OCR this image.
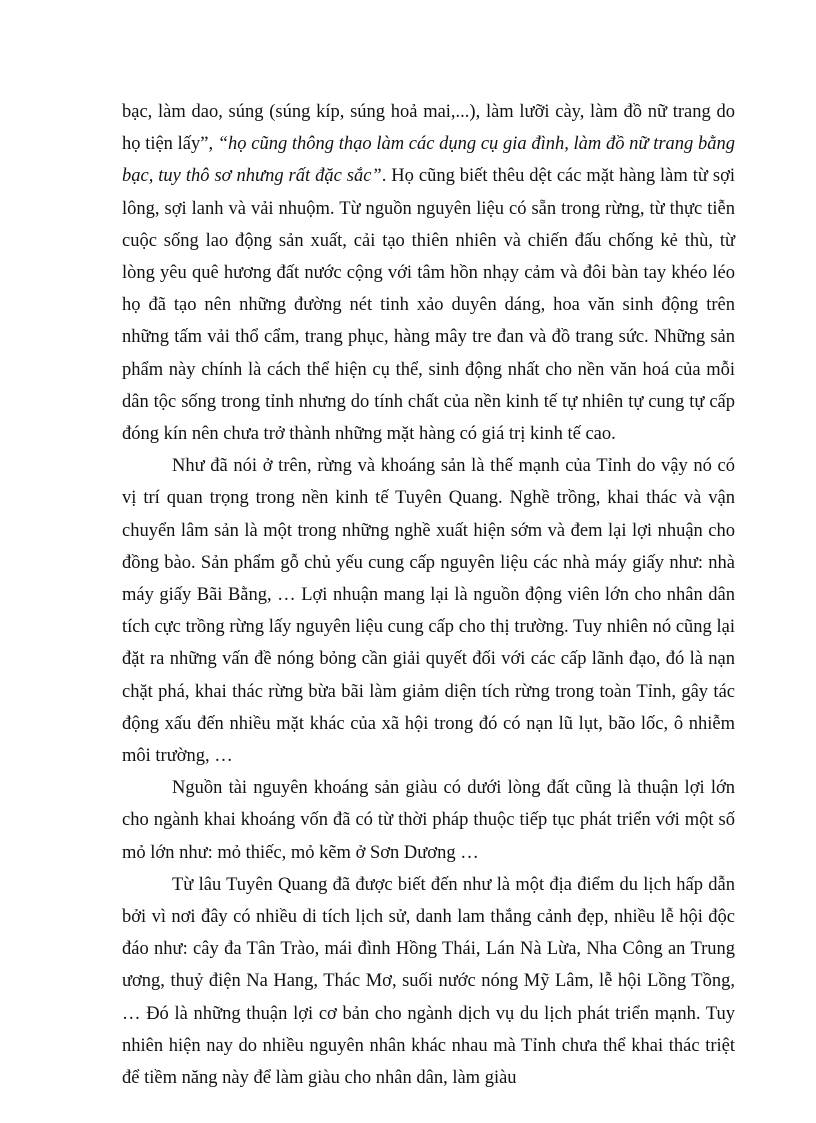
bạc, làm dao, súng (súng kíp, súng hoả mai,...), làm lưỡi cày, làm đồ nữ trang do họ tiện lấy”, “họ cũng thông thạo làm các dụng cụ gia đình, làm đồ nữ trang bằng bạc, tuy thô sơ nhưng rất đặc sắc”. Họ cũng biết thêu dệt các mặt hàng làm từ sợi lông, sợi lanh và vải nhuộm. Từ nguồn nguyên liệu có sẵn trong rừng, từ thực tiễn cuộc sống lao động sản xuất, cải tạo thiên nhiên và chiến đấu chống kẻ thù, từ lòng yêu quê hương đất nước cộng với tâm hồn nhạy cảm và đôi bàn tay khéo léo họ đã tạo nên những đường nét tinh xảo duyên dáng, hoa văn sinh động trên những tấm vải thổ cẩm, trang phục, hàng mây tre đan và đồ trang sức. Những sản phẩm này chính là cách thể hiện cụ thể, sinh động nhất cho nền văn hoá của mỗi dân tộc sống trong tỉnh nhưng do tính chất của nền kinh tế tự nhiên tự cung tự cấp đóng kín nên chưa trở thành những mặt hàng có giá trị kinh tế cao.

Như đã nói ở trên, rừng và khoáng sản là thế mạnh của Tỉnh do vậy nó có vị trí quan trọng trong nền kinh tế Tuyên Quang. Nghề trồng, khai thác và vận chuyển lâm sản là một trong những nghề xuất hiện sớm và đem lại lợi nhuận cho đồng bào. Sản phẩm gỗ chủ yếu cung cấp nguyên liệu các nhà máy giấy như: nhà máy giấy Bãi Bằng, … Lợi nhuận mang lại là nguồn động viên lớn cho nhân dân tích cực trồng rừng lấy nguyên liệu cung cấp cho thị trường. Tuy nhiên nó cũng lại đặt ra những vấn đề nóng bỏng cần giải quyết đối với các cấp lãnh đạo, đó là nạn chặt phá, khai thác rừng bừa bãi làm giảm diện tích rừng trong toàn Tỉnh, gây tác động xấu đến nhiều mặt khác của xã hội trong đó có nạn lũ lụt, bão lốc, ô nhiễm môi trường, …

Nguồn tài nguyên khoáng sản giàu có dưới lòng đất cũng là thuận lợi lớn cho ngành khai khoáng vốn đã có từ thời pháp thuộc tiếp tục phát triển với một số mỏ lớn như: mỏ thiếc, mỏ kẽm ở Sơn Dương …

Từ lâu Tuyên Quang đã được biết đến như là một địa điểm du lịch hấp dẫn bởi vì nơi đây có nhiều di tích lịch sử, danh lam thắng cảnh đẹp, nhiều lễ hội độc đáo như: cây đa Tân Trào, mái đình Hồng Thái, Lán Nà Lừa, Nha Công an Trung ương, thuỷ điện Na Hang, Thác Mơ, suối nước nóng Mỹ Lâm, lễ hội Lồng Tồng, … Đó là những thuận lợi cơ bản cho ngành dịch vụ du lịch phát triển mạnh. Tuy nhiên hiện nay do nhiều nguyên nhân khác nhau mà Tỉnh chưa thể khai thác triệt để tiềm năng này để làm giàu cho nhân dân, làm giàu
